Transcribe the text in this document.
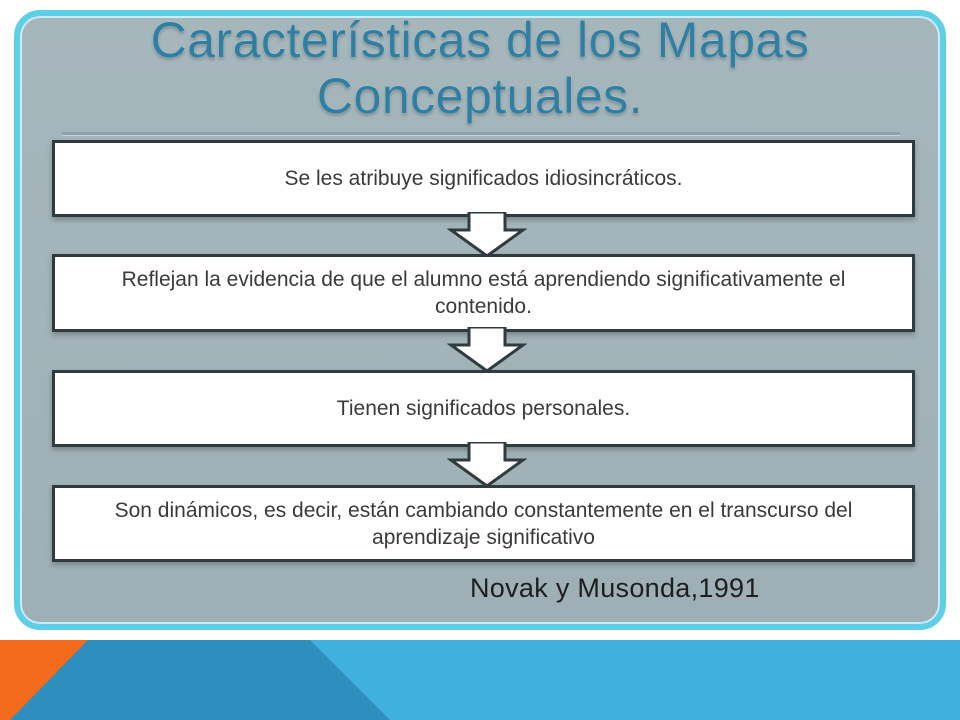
Características de los Mapas
Conceptuales.
Se les atribuye significados idiosincráticos.
Reflejan la evidencia de que el alumno está aprendiendo significativamente el contenido.
Tienen significados personales.
Son dinámicos, es decir, están cambiando constantemente en el transcurso del aprendizaje significativo
Novak y Musonda,1991
